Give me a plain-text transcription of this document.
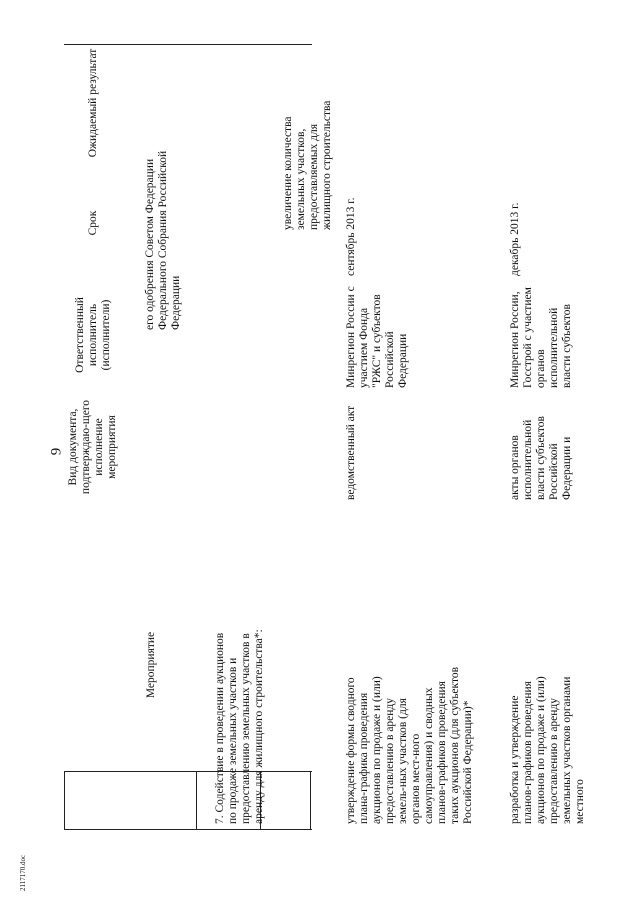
9
2117170.doc
Мероприятие
Вид документа, подтверждаю-щего исполнение мероприятия
Ответственный исполнитель (исполнители)
Срок
Ожидаемый результат
его одобрения Советом Федерации Федерального Собрания Российской Федерации
7. Содействие в проведении аукционов по продаже земельных участков и предоставлению земельных участков в аренду для жилищного строительства*:
увеличение количества земельных участков, предоставляемых для жилищного строительства
утверждение формы сводного плана-графика проведения аукционов по продаже и (или) предоставлению в аренду земель-ных участков (для органов мест-ного самоуправления) и сводных планов-графиков проведения таких аукционов (для субъектов Российской Федерации)*
ведомственный акт
Минрегион России с участием Фонда "РЖС" и субъектов Российской Федерации
сентябрь 2013 г.
разработка и утверждение планов-графиков проведения аукционов по продаже и (или) предоставлению в аренду земельных участков органами местного
акты органов исполнительной власти субъектов Российской Федерации и
Минрегион России, Госстрой с участием органов исполнительной власти субъектов
декабрь 2013 г.
